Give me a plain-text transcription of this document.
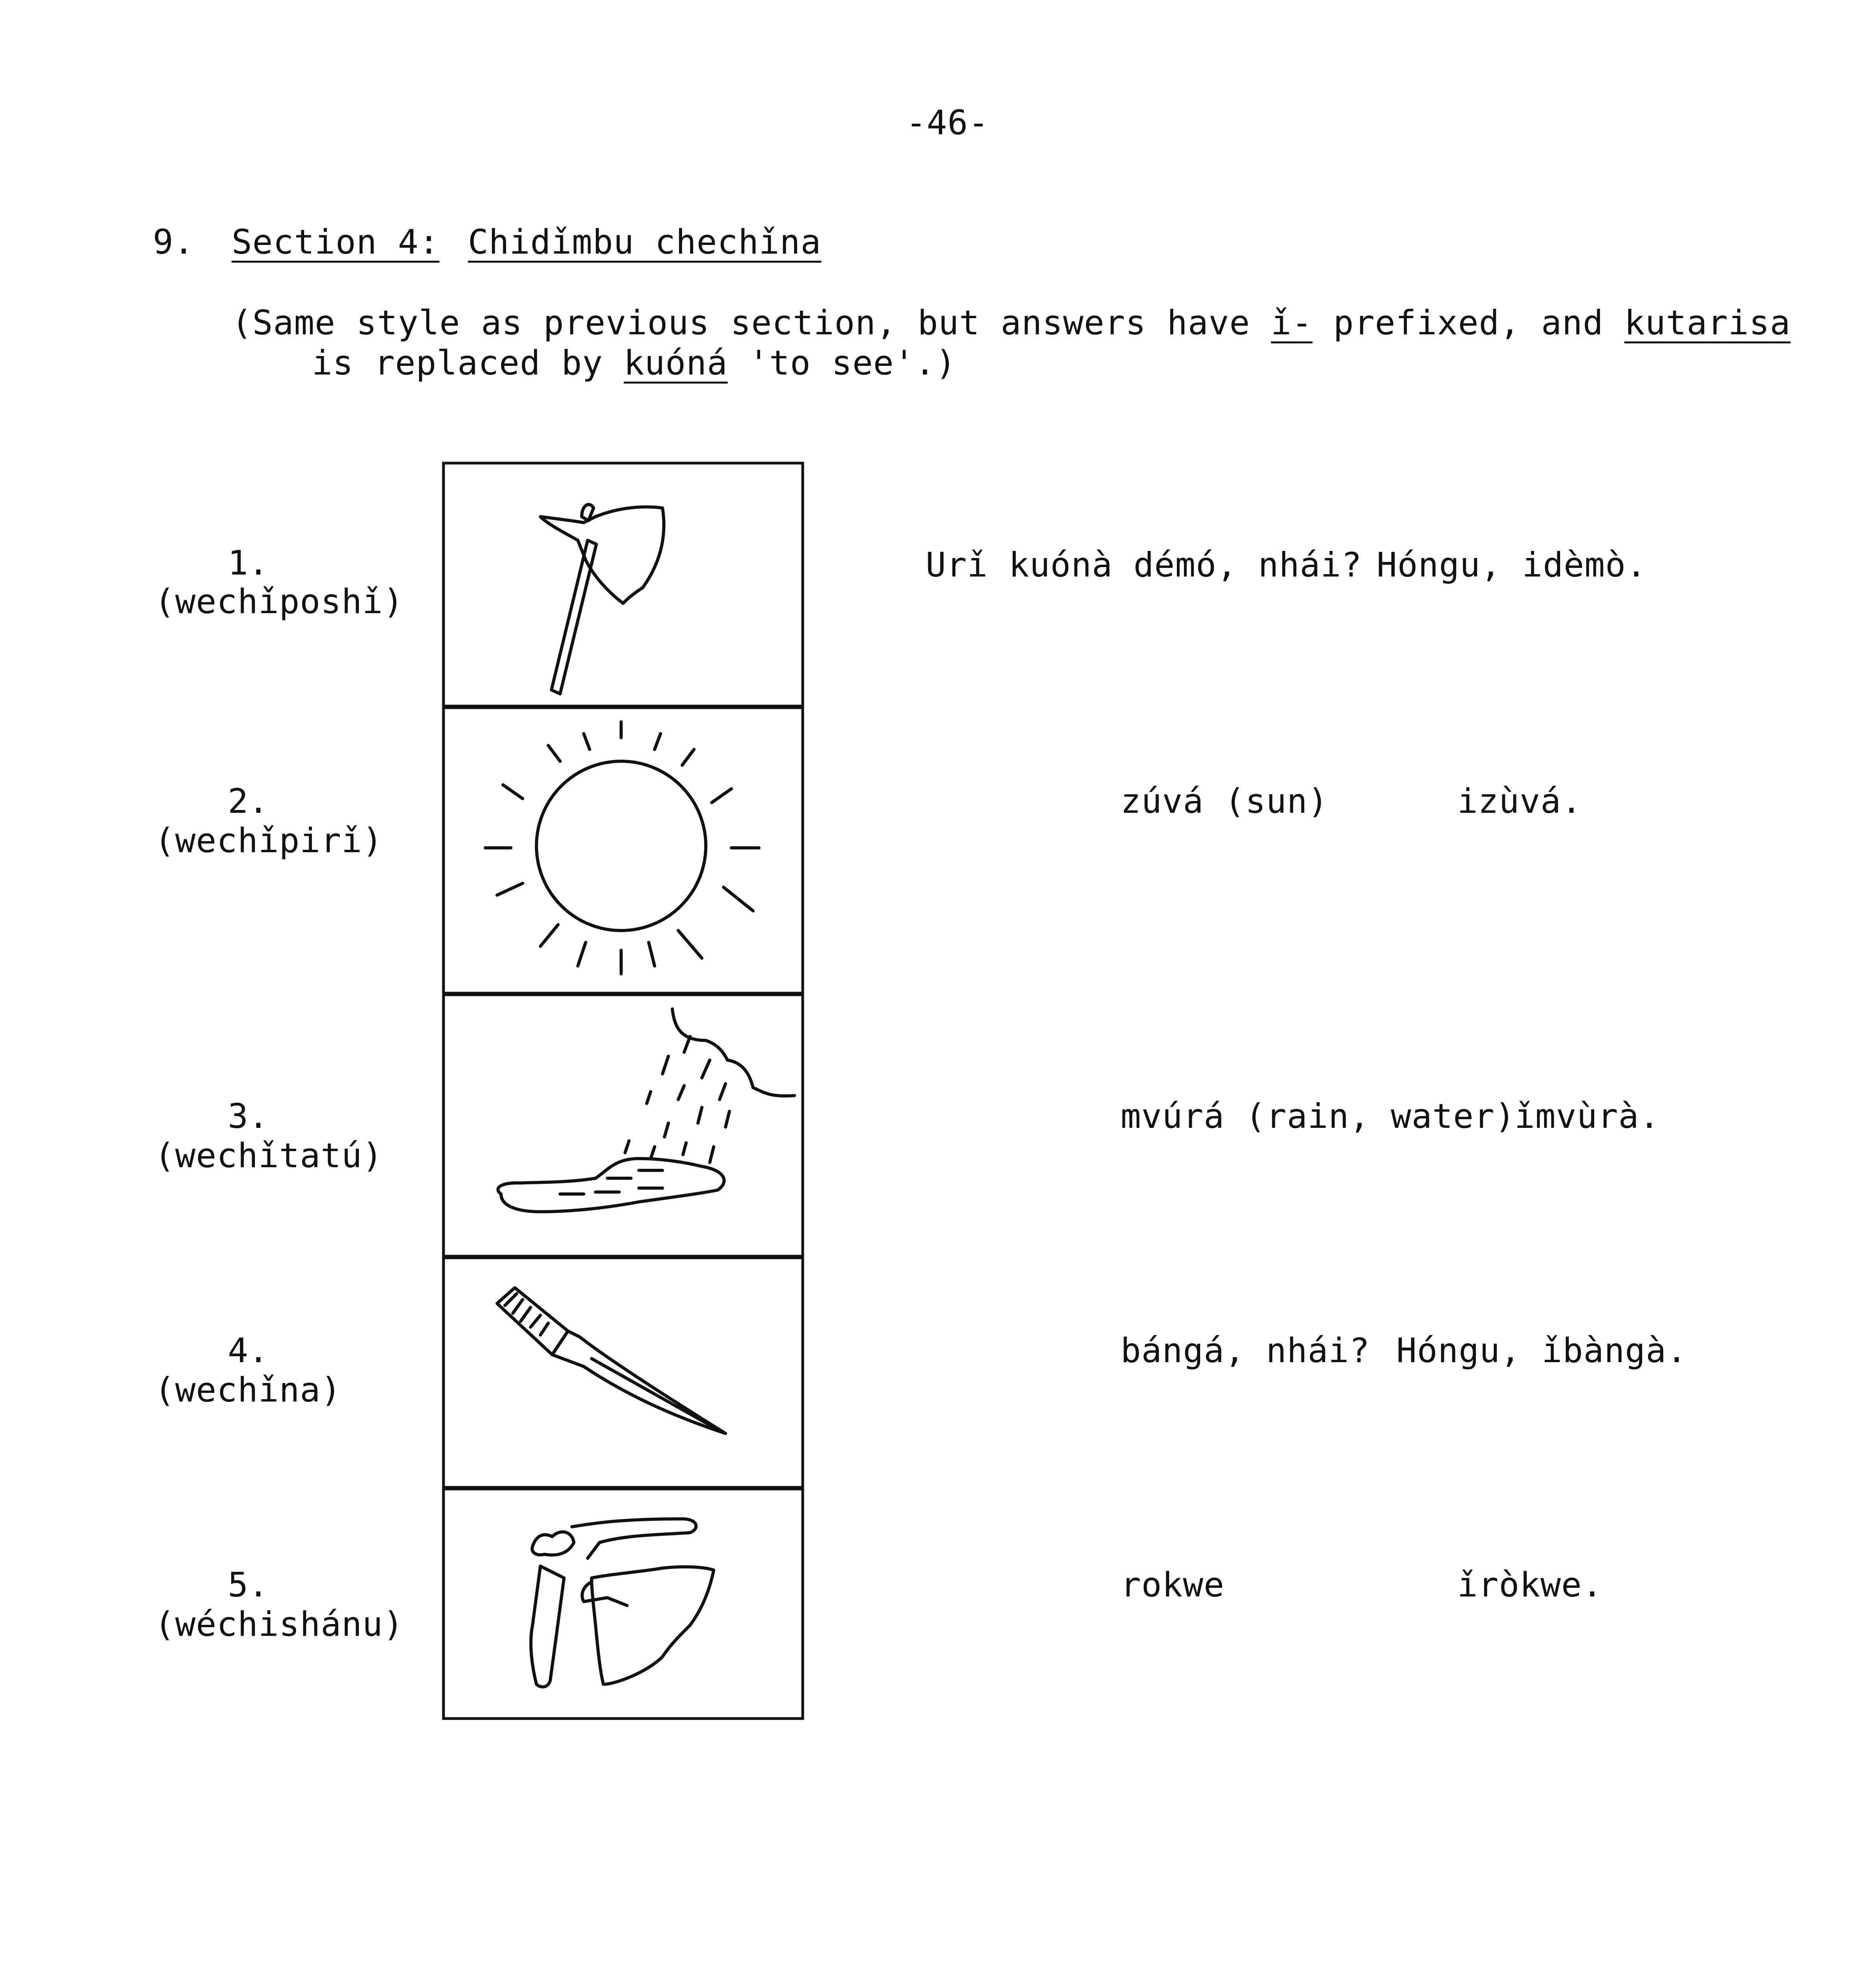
-46-
9. Section 4: Chidǐmbu chechǐna
(Same style as previous section, but answers have ǐ- prefixed, and kutarisa
is replaced by kuóná 'to see'.)
1.
(wechǐposhǐ)
Urǐ kuónà démó, nhái? Hóngu, idèmò.
2.
(wechǐpirǐ)
zúvá (sun)	izùvá.
3.
(wechǐtatú)
mvúrá (rain, water)
ǐmvùrà.
4.
(wechǐna)
bángá, nhái? Hóngu, ǐbàngà.
5.
(wéchishánu)
rokwe	ǐròkwe.
